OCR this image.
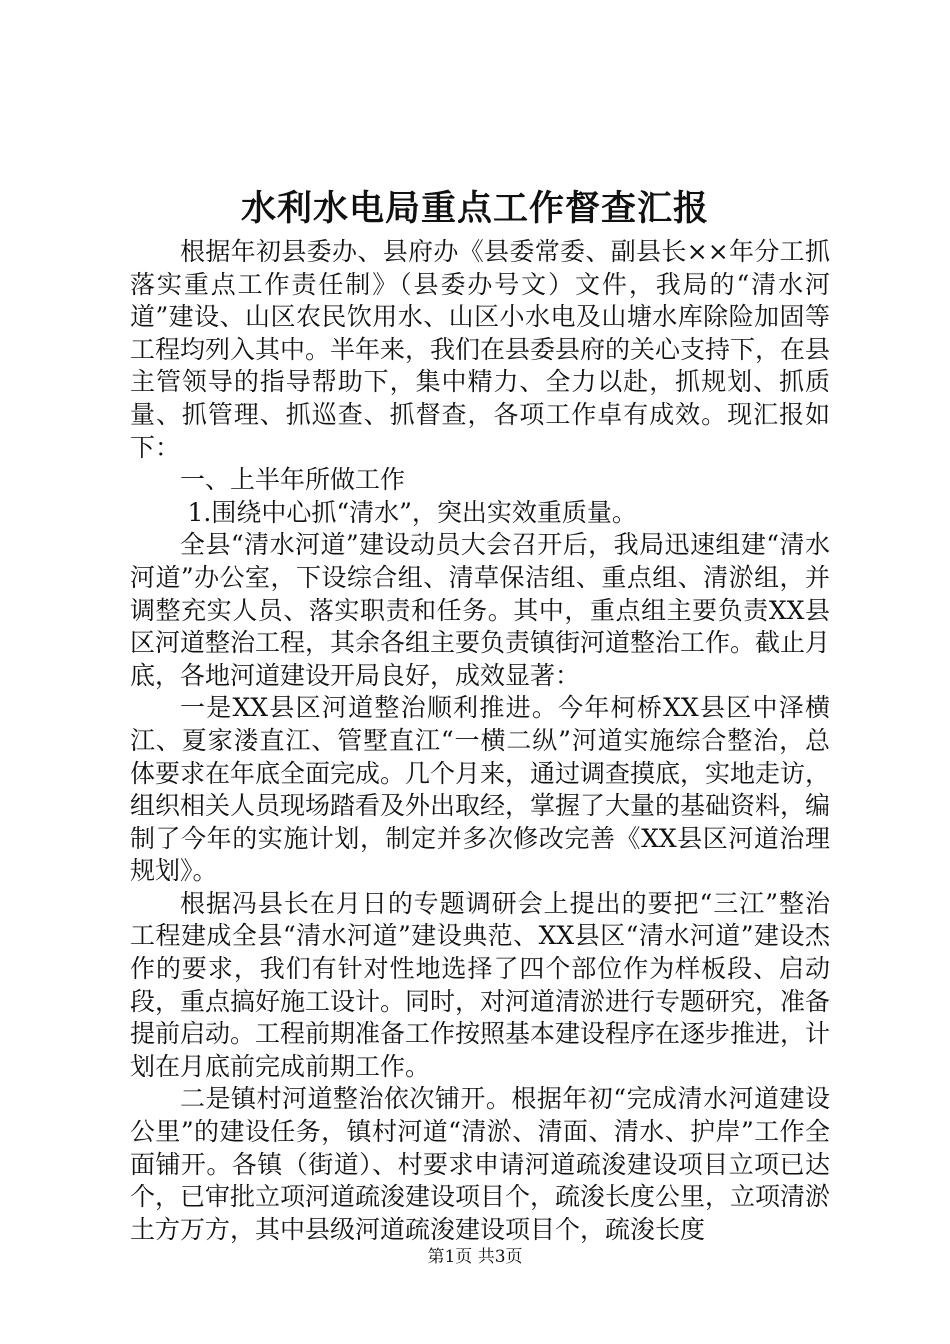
水利水电局重点工作督查汇报

根据年初县委办、县府办《县委常委、副县长××年分工抓落实重点工作责任制》（县委办号文）文件，我局的“清水河道”建设、山区农民饮用水、山区小水电及山塘水库除险加固等工程均列入其中。半年来，我们在县委县府的关心支持下，在县主管领导的指导帮助下，集中精力、全力以赴，抓规划、抓质量、抓管理、抓巡查、抓督查，各项工作卓有成效。现汇报如下：

一、上半年所做工作

1.围绕中心抓“清水”，突出实效重质量。

全县“清水河道”建设动员大会召开后，我局迅速组建“清水河道”办公室，下设综合组、清草保洁组、重点组、清淤组，并调整充实人员、落实职责和任务。其中，重点组主要负责XX县区河道整治工程，其余各组主要负责镇街河道整治工作。截止月底，各地河道建设开局良好，成效显著：

一是XX县区河道整治顺利推进。今年柯桥XX县区中泽横江、夏家溇直江、管墅直江“一横二纵”河道实施综合整治，总体要求在年底全面完成。几个月来，通过调查摸底，实地走访，组织相关人员现场踏看及外出取经，掌握了大量的基础资料，编制了今年的实施计划，制定并多次修改完善《XX县区河道治理规划》。

根据冯县长在月日的专题调研会上提出的要把“三江”整治工程建成全县“清水河道”建设典范、XX县区“清水河道”建设杰作的要求，我们有针对性地选择了四个部位作为样板段、启动段，重点搞好施工设计。同时，对河道清淤进行专题研究，准备提前启动。工程前期准备工作按照基本建设程序在逐步推进，计划在月底前完成前期工作。

二是镇村河道整治依次铺开。根据年初“完成清水河道建设公里”的建设任务，镇村河道“清淤、清面、清水、护岸”工作全面铺开。各镇（街道）、村要求申请河道疏浚建设项目立项已达个，已审批立项河道疏浚建设项目个，疏浚长度公里，立项清淤土方万方，其中县级河道疏浚建设项目个，疏浚长度

第1页 共3页
